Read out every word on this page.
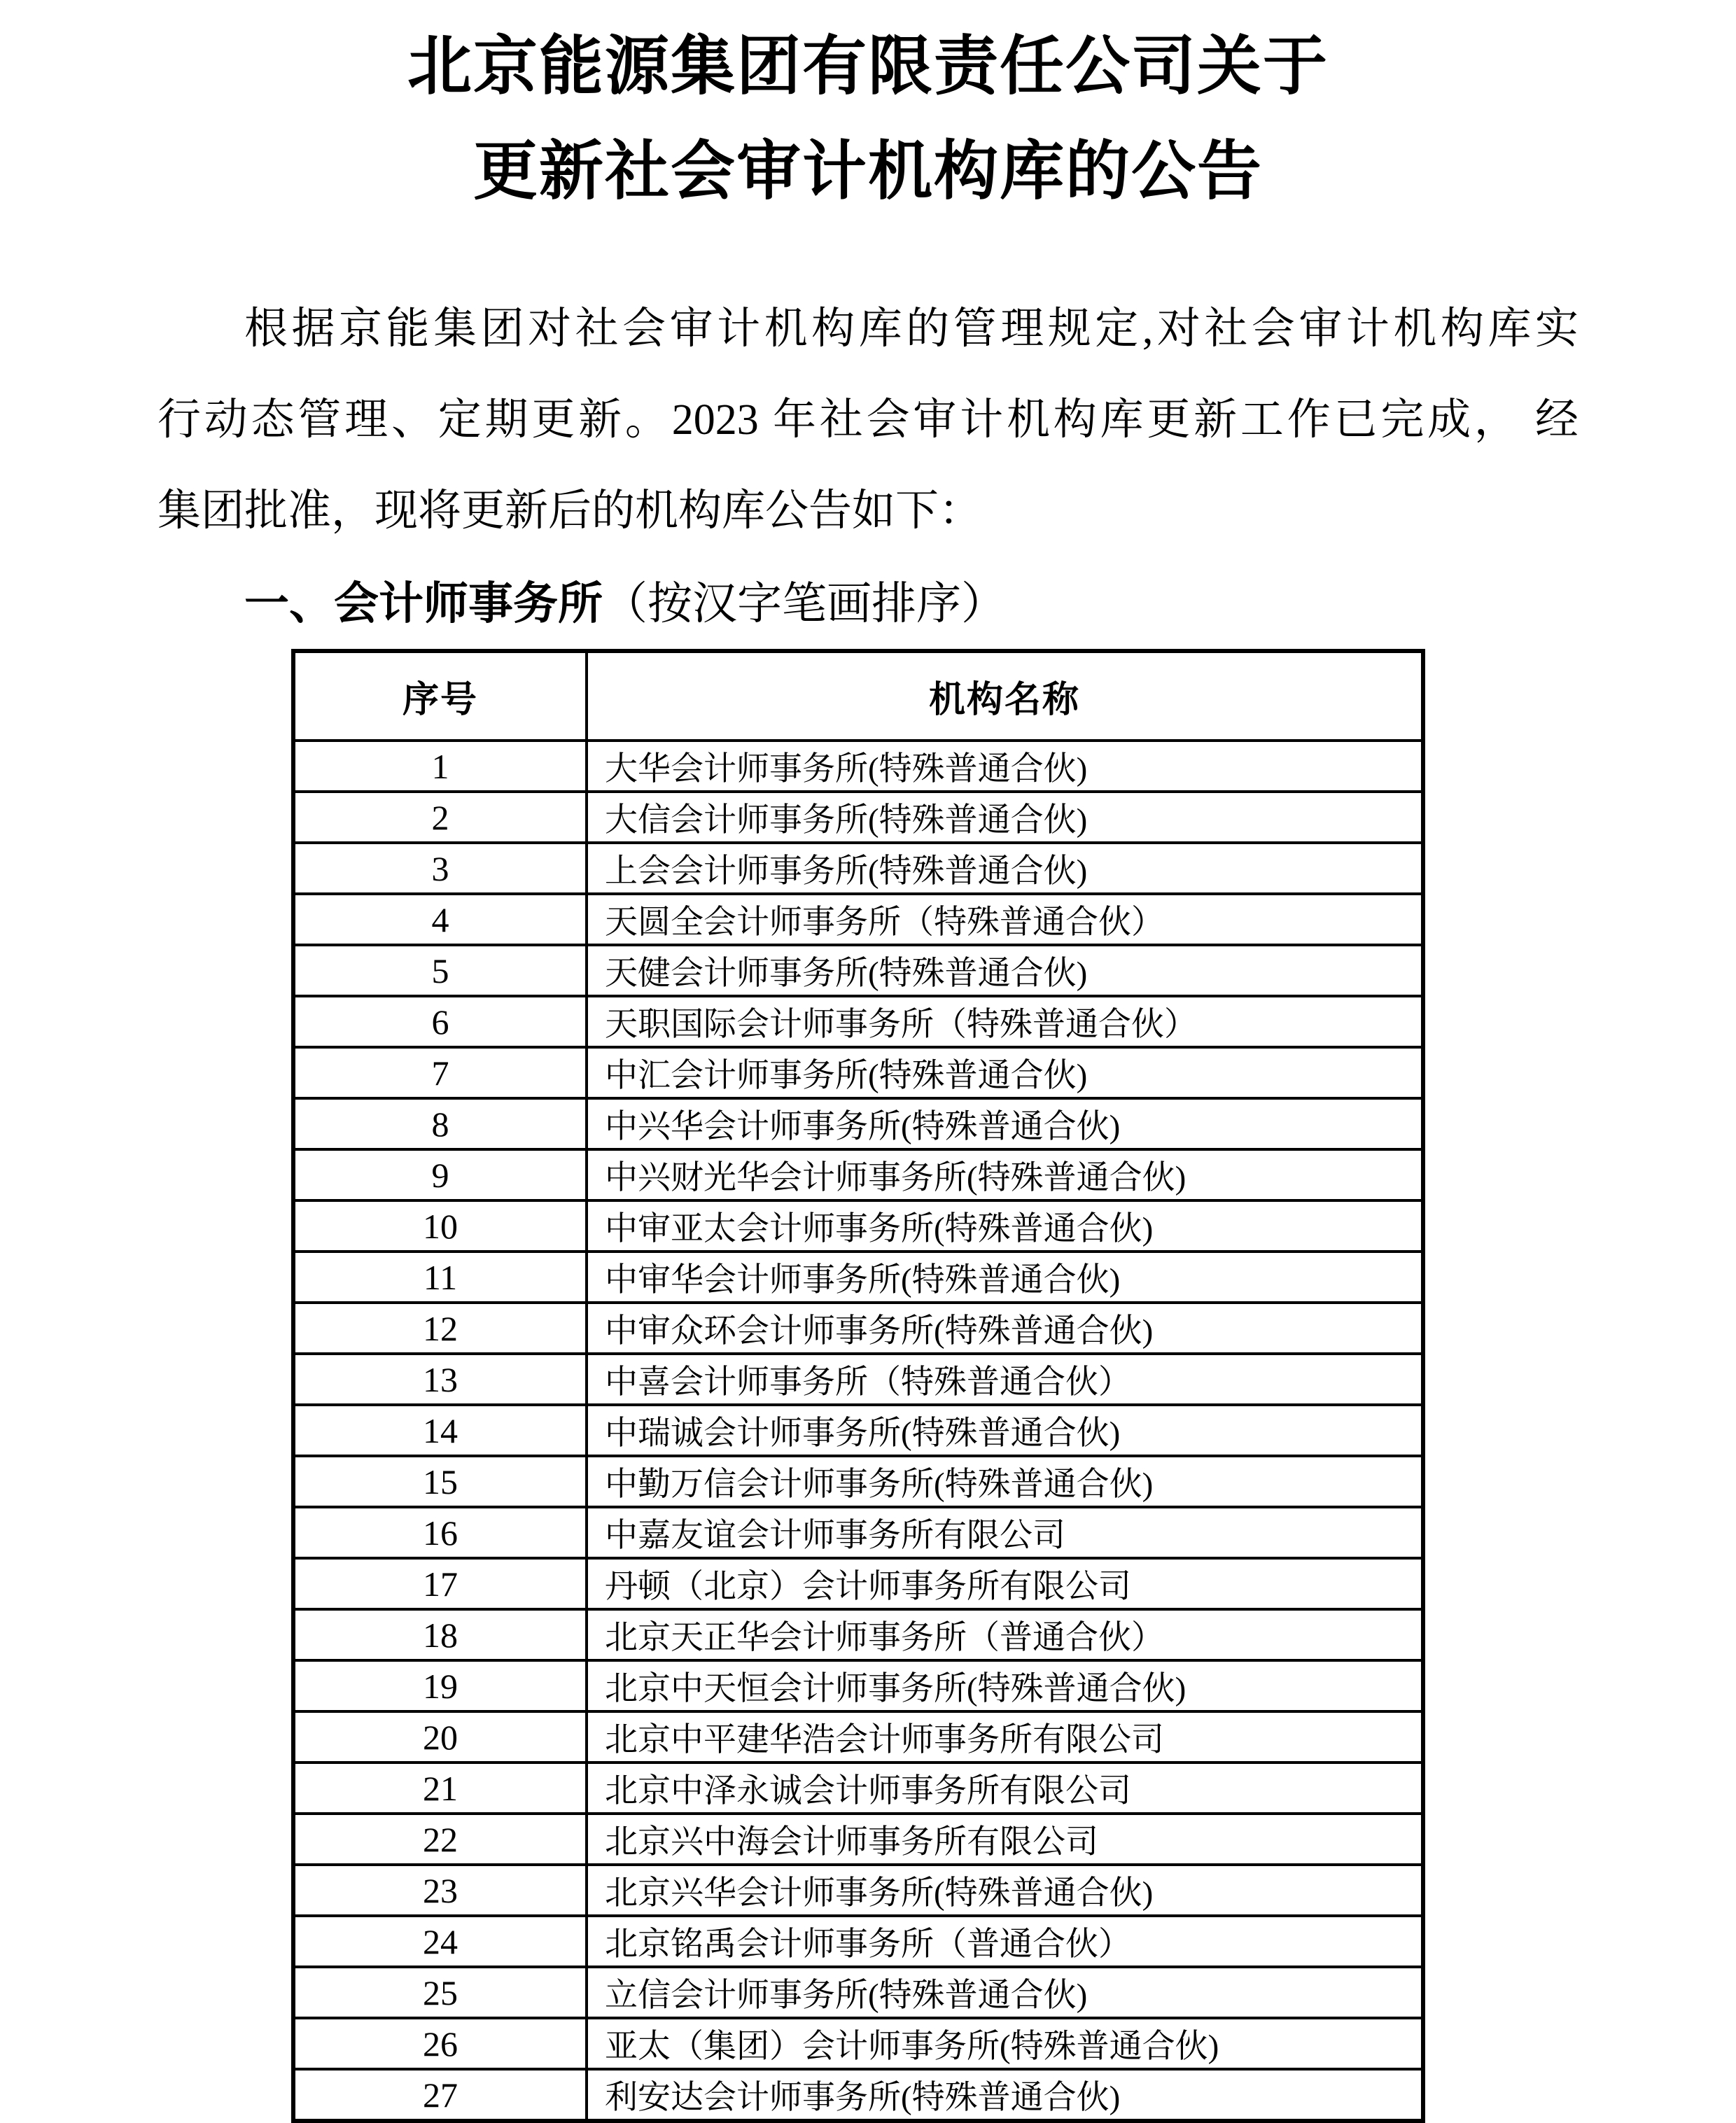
北京能源集团有限责任公司关于
更新社会审计机构库的公告
根据京能集团对社会审计机构库的管理规定,对社会审计机构库实
行动态管理、定期更新。2023 年社会审计机构库更新工作已完成， 经
集团批准，现将更新后的机构库公告如下：
一、会计师事务所（按汉字笔画排序）
序号	机构名称
1	大华会计师事务所(特殊普通合伙)
2	大信会计师事务所(特殊普通合伙)
3	上会会计师事务所(特殊普通合伙)
4	天圆全会计师事务所（特殊普通合伙）
5	天健会计师事务所(特殊普通合伙)
6	天职国际会计师事务所（特殊普通合伙）
7	中汇会计师事务所(特殊普通合伙)
8	中兴华会计师事务所(特殊普通合伙)
9	中兴财光华会计师事务所(特殊普通合伙)
10	中审亚太会计师事务所(特殊普通合伙)
11	中审华会计师事务所(特殊普通合伙)
12	中审众环会计师事务所(特殊普通合伙)
13	中喜会计师事务所（特殊普通合伙）
14	中瑞诚会计师事务所(特殊普通合伙)
15	中勤万信会计师事务所(特殊普通合伙)
16	中嘉友谊会计师事务所有限公司
17	丹顿（北京）会计师事务所有限公司
18	北京天正华会计师事务所（普通合伙）
19	北京中天恒会计师事务所(特殊普通合伙)
20	北京中平建华浩会计师事务所有限公司
21	北京中泽永诚会计师事务所有限公司
22	北京兴中海会计师事务所有限公司
23	北京兴华会计师事务所(特殊普通合伙)
24	北京铭禹会计师事务所（普通合伙）
25	立信会计师事务所(特殊普通合伙)
26	亚太（集团）会计师事务所(特殊普通合伙)
27	利安达会计师事务所(特殊普通合伙)
